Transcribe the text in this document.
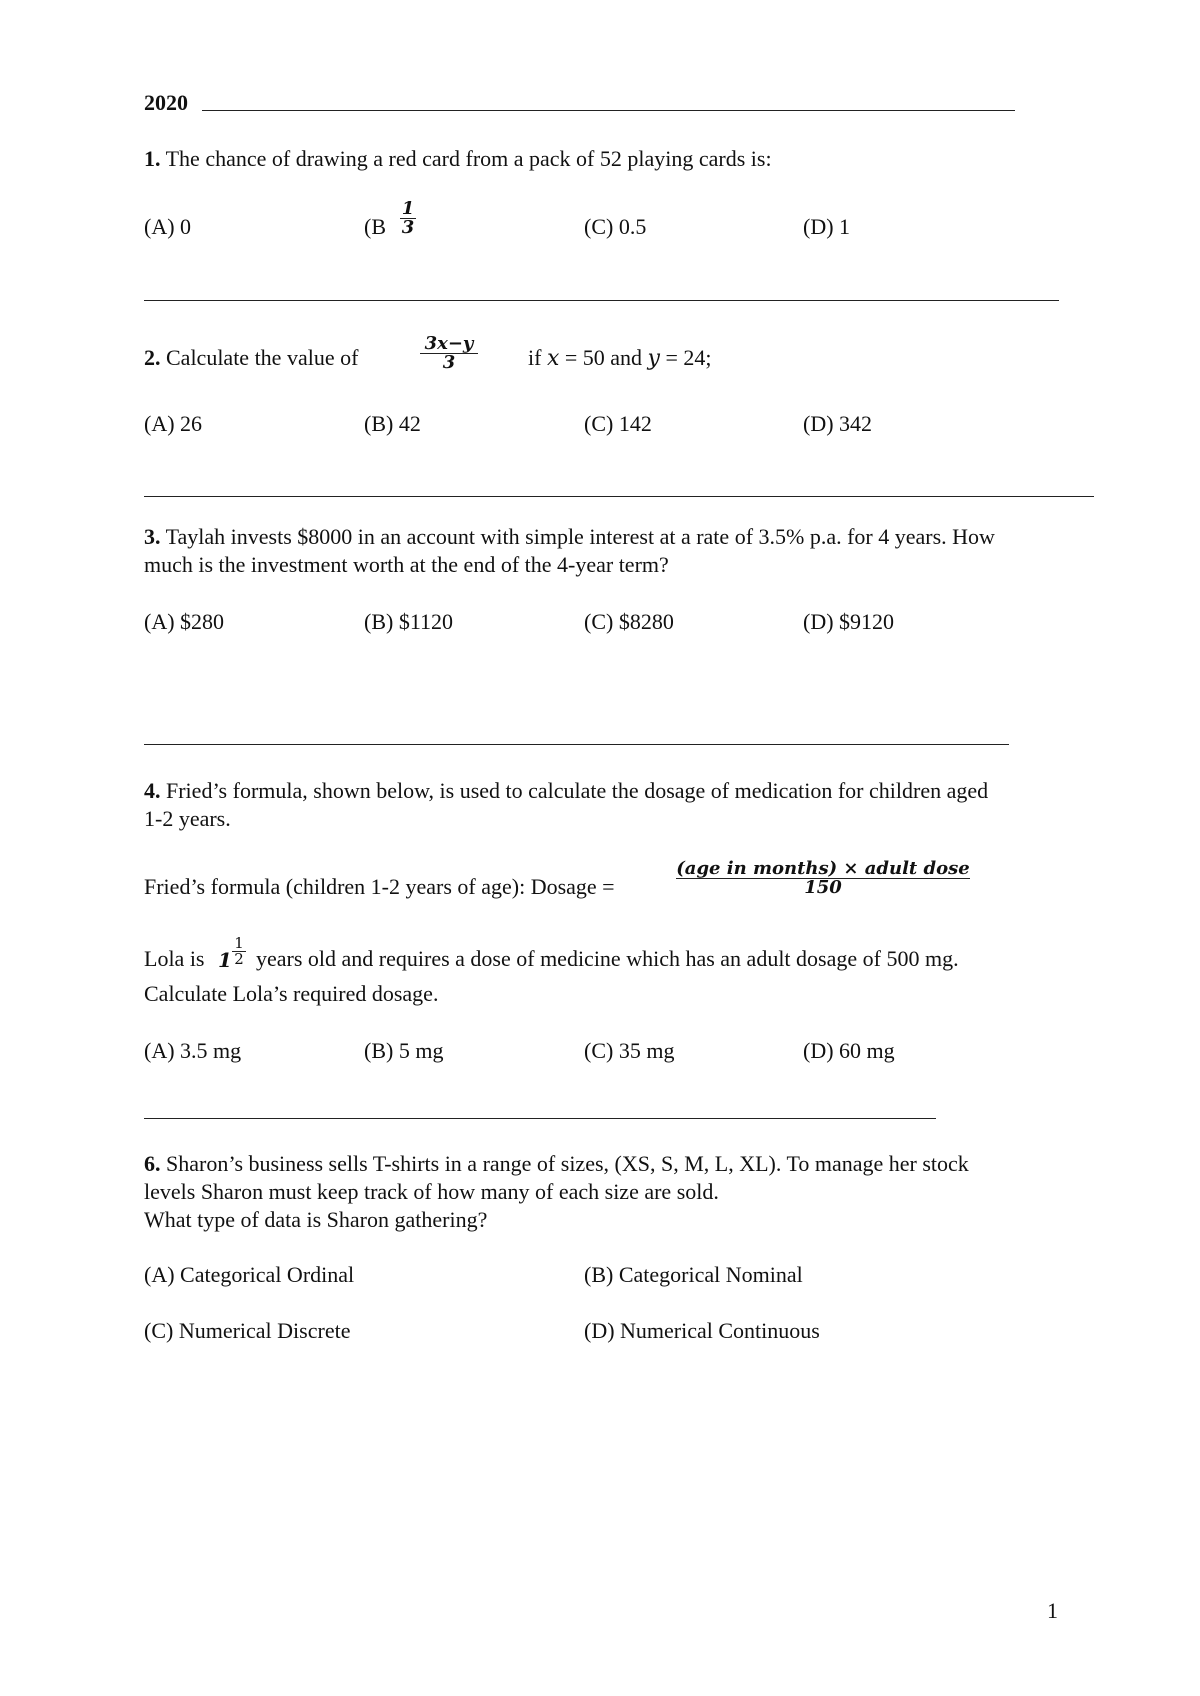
2020
1. The chance of drawing a red card from a pack of 52 playing cards is:
(A) 0	(B
1
3	(C) 0.5	(D) 1
2. Calculate the value of
3x−y
3	if x = 50 and y = 24;
(A) 26	(B) 42	(C) 142	(D) 342
3. Taylah invests $8000 in an account with simple interest at a rate of 3.5% p.a. for 4 years. How
much is the investment worth at the end of the 4-year term?
(A) $280	(B) $1120	(C) $8280	(D) $9120
4. Fried’s formula, shown below, is used to calculate the dosage of medication for children aged
1-2 years.
Fried’s formula (children 1-2 years of age): Dosage =
(age in months) × adult dose
150
Lola is 1
1
2 years old and requires a dose of medicine which has an adult dosage of 500 mg.
Calculate Lola’s required dosage.
(A) 3.5 mg	(B) 5 mg	(C) 35 mg	(D) 60 mg
6. Sharon’s business sells T-shirts in a range of sizes, (XS, S, M, L, XL). To manage her stock
levels Sharon must keep track of how many of each size are sold.
What type of data is Sharon gathering?
(A) Categorical Ordinal	(B) Categorical Nominal
(C) Numerical Discrete	(D) Numerical Continuous
1
